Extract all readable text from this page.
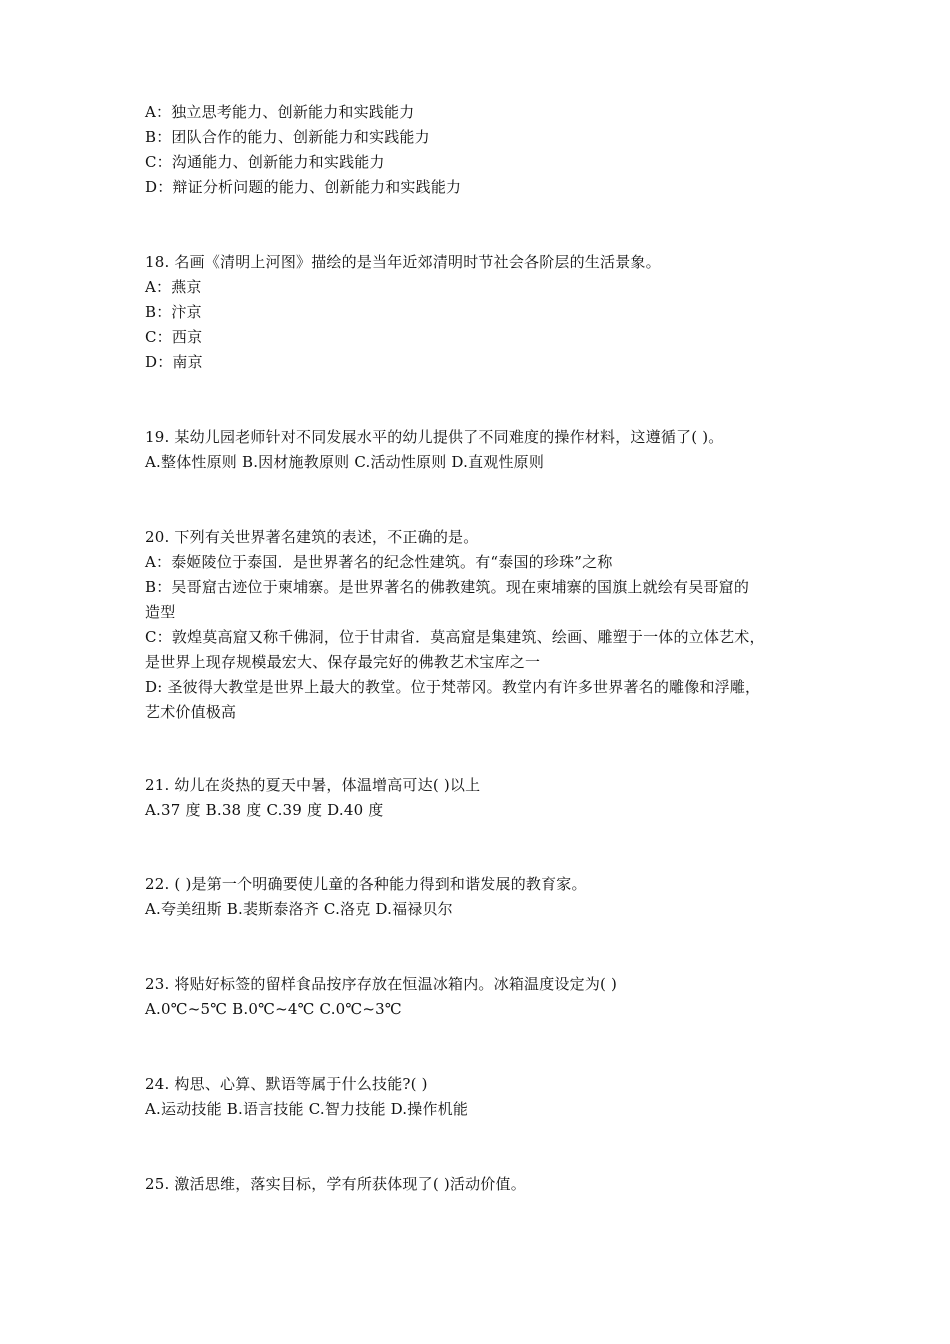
A：独立思考能力、创新能力和实践能力
B：团队合作的能力、创新能力和实践能力
C：沟通能力、创新能力和实践能力
D：辩证分析问题的能力、创新能力和实践能力
18. 名画《清明上河图》描绘的是当年近郊清明时节社会各阶层的生活景象。
A：燕京
B：汴京
C：西京
D：南京
19. 某幼儿园老师针对不同发展水平的幼儿提供了不同难度的操作材料，这遵循了( )。
A.整体性原则 B.因材施教原则 C.活动性原则 D.直观性原则
20. 下列有关世界著名建筑的表述，不正确的是。
A：泰姬陵位于泰国．是世界著名的纪念性建筑。有“泰国的珍珠”之称
B：吴哥窟古迹位于柬埔寨。是世界著名的佛教建筑。现在柬埔寨的国旗上就绘有吴哥窟的
造型
C：敦煌莫高窟又称千佛洞，位于甘肃省．莫高窟是集建筑、绘画、雕塑于一体的立体艺术，
是世界上现存规模最宏大、保存最完好的佛教艺术宝库之一
D: 圣彼得大教堂是世界上最大的教堂。位于梵蒂冈。教堂内有许多世界著名的雕像和浮雕，
艺术价值极高
21. 幼儿在炎热的夏天中暑，体温增高可达( )以上
A.37 度 B.38 度 C.39 度 D.40 度
22. ( )是第一个明确要使儿童的各种能力得到和谐发展的教育家。
A.夸美纽斯 B.裴斯泰洛齐 C.洛克 D.福禄贝尔
23. 将贴好标签的留样食品按序存放在恒温冰箱内。冰箱温度设定为( )
A.0℃~5℃ B.0℃~4℃ C.0℃~3℃
24. 构思、心算、默语等属于什么技能?( )
A.运动技能 B.语言技能 C.智力技能 D.操作机能
25. 激活思维，落实目标，学有所获体现了( )活动价值。
